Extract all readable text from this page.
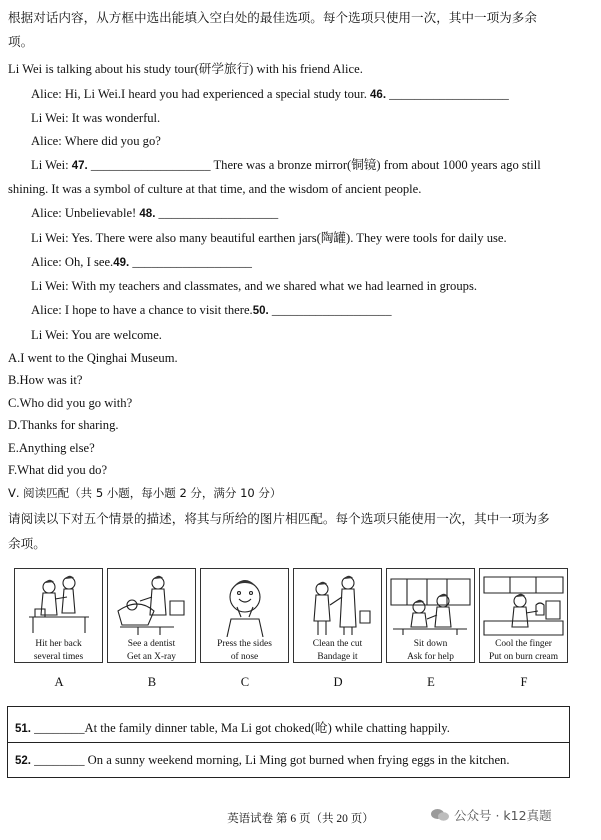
根据对话内容，从方框中选出能填入空白处的最佳选项。每个选项只使用一次，其中一项为多余
项。
Li Wei is talking about his study tour(研学旅行) with his friend Alice.
Alice: Hi, Li Wei.I heard you had experienced a special study tour. 46. ___________________
Li Wei: It was wonderful.
Alice: Where did you go?
Li Wei: 47. ___________________ There was a bronze mirror(铜镜) from about 1000 years ago still
shining. It was a symbol of culture at that time, and the wisdom of ancient people.
Alice: Unbelievable! 48. ___________________
Li Wei: Yes. There were also many beautiful earthen jars(陶罐). They were tools for daily use.
Alice: Oh, I see.49. ___________________
Li Wei: With my teachers and classmates, and we shared what we had learned in groups.
Alice: I hope to have a chance to visit there.50. ___________________
Li Wei: You are welcome.
A.I went to the Qinghai Museum.
B.How was it?
C.Who did you go with?
D.Thanks for sharing.
E.Anything else?
F.What did you do?
Ⅴ. 阅读匹配（共 5 小题，每小题 2 分，满分 10 分）
请阅读以下对五个情景的描述，将其与所给的图片相匹配。每个选项只能使用一次，其中一项为多
余项。
Hit her back
several times
See a dentist
Get an X-ray
Press the sides
of nose
Clean the cut
Bandage it
Sit down
Ask for help
Cool the finger
Put on burn cream
A	B	C	D	E	F
51. ________At the family dinner table, Ma Li got choked(呛) while chatting happily.
52. ________ On a sunny weekend morning, Li Ming got burned when frying eggs in the kitchen.
英语试卷 第 6 页（共 20 页）	公众号 · k12真题
